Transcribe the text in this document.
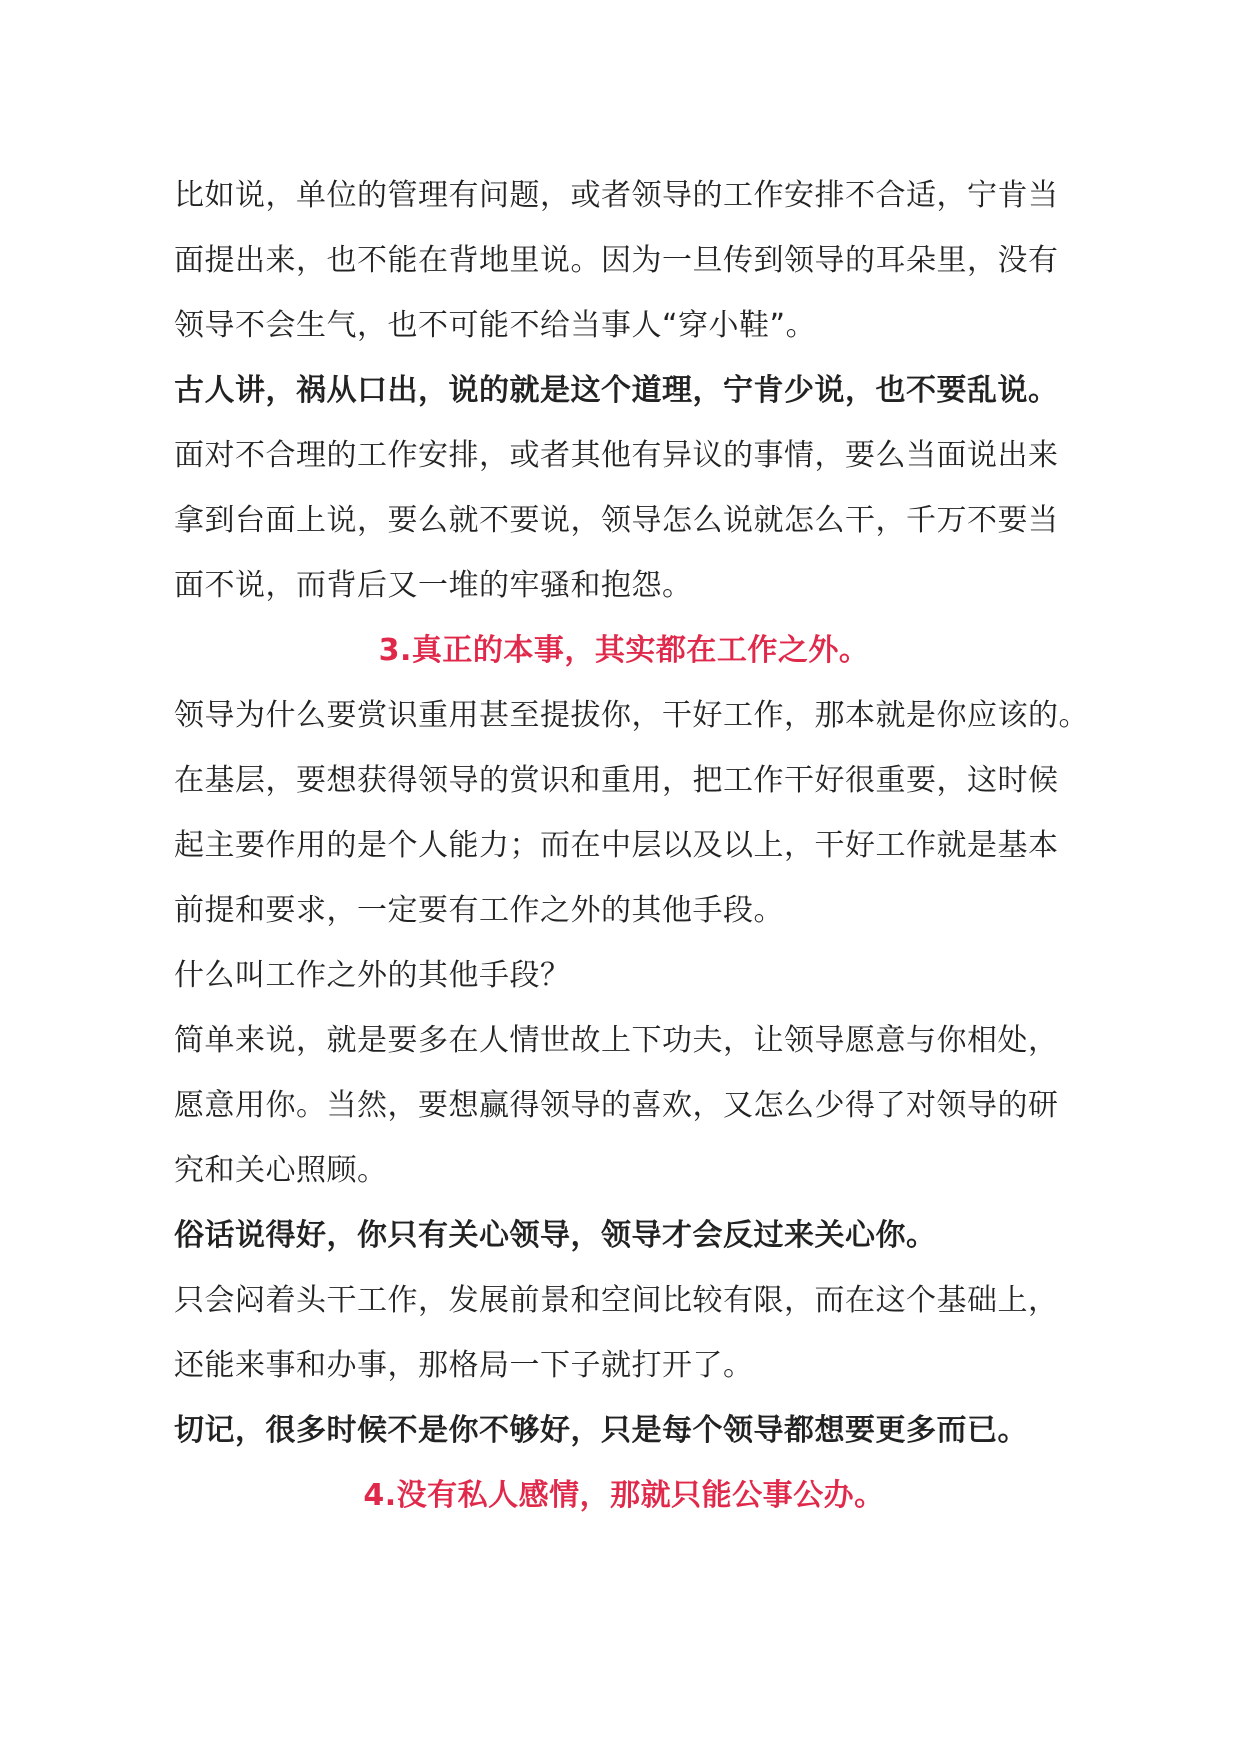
比如说，单位的管理有问题，或者领导的工作安排不合适，宁肯当
面提出来，也不能在背地里说。因为一旦传到领导的耳朵里，没有
领导不会生气，也不可能不给当事人“穿小鞋”。
古人讲，祸从口出，说的就是这个道理，宁肯少说，也不要乱说。
面对不合理的工作安排，或者其他有异议的事情，要么当面说出来
拿到台面上说，要么就不要说，领导怎么说就怎么干，千万不要当
面不说，而背后又一堆的牢骚和抱怨。
3.真正的本事，其实都在工作之外。
领导为什么要赏识重用甚至提拔你，干好工作，那本就是你应该的。
在基层，要想获得领导的赏识和重用，把工作干好很重要，这时候
起主要作用的是个人能力；而在中层以及以上，干好工作就是基本
前提和要求，一定要有工作之外的其他手段。
什么叫工作之外的其他手段？
简单来说，就是要多在人情世故上下功夫，让领导愿意与你相处，
愿意用你。当然，要想赢得领导的喜欢，又怎么少得了对领导的研
究和关心照顾。
俗话说得好，你只有关心领导，领导才会反过来关心你。
只会闷着头干工作，发展前景和空间比较有限，而在这个基础上，
还能来事和办事，那格局一下子就打开了。
切记，很多时候不是你不够好，只是每个领导都想要更多而已。
4.没有私人感情，那就只能公事公办。
